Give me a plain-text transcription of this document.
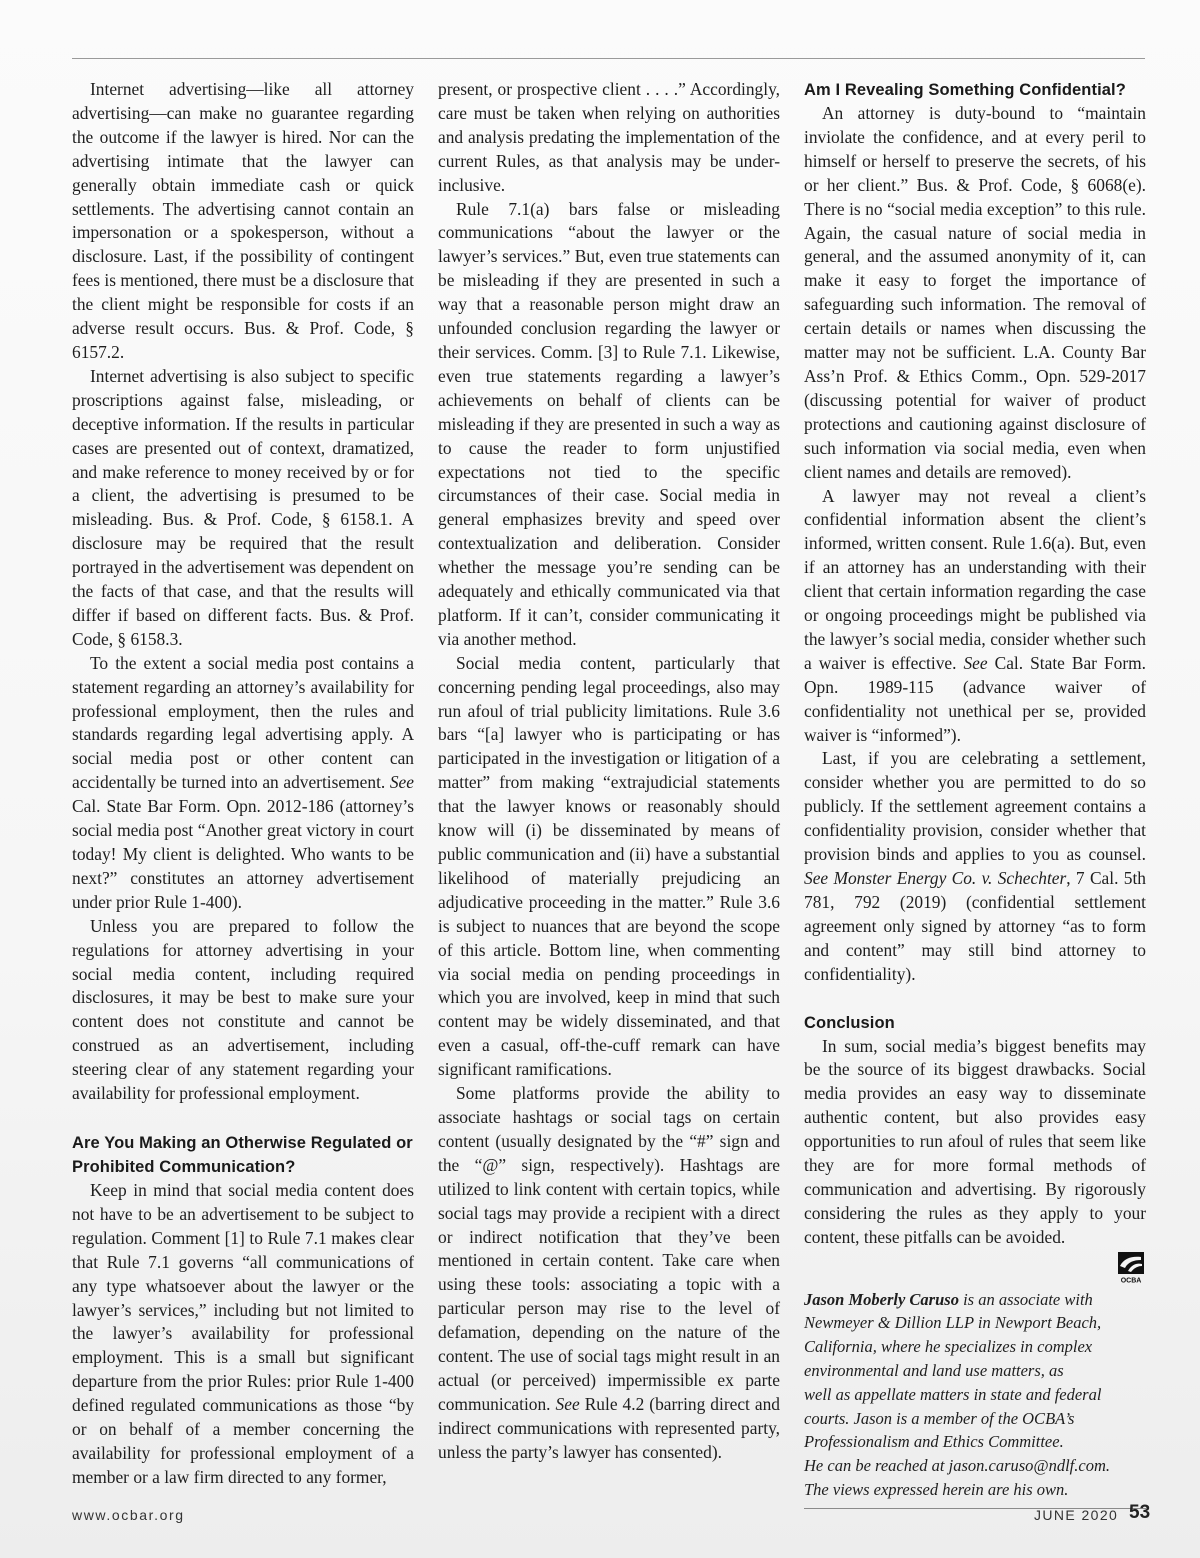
Internet advertising—like all attorney advertising—can make no guarantee regarding the outcome if the lawyer is hired. Nor can the advertising intimate that the lawyer can generally obtain immediate cash or quick settlements. The advertising cannot contain an impersonation or a spokesperson, without a disclosure. Last, if the possibility of contingent fees is mentioned, there must be a disclosure that the client might be responsible for costs if an adverse result occurs. Bus. & Prof. Code, § 6157.2.

Internet advertising is also subject to specific proscriptions against false, misleading, or deceptive information. If the results in particular cases are presented out of context, dramatized, and make reference to money received by or for a client, the advertising is presumed to be misleading. Bus. & Prof. Code, § 6158.1. A disclosure may be required that the result portrayed in the advertisement was dependent on the facts of that case, and that the results will differ if based on different facts. Bus. & Prof. Code, § 6158.3.

To the extent a social media post contains a statement regarding an attorney’s availability for professional employment, then the rules and standards regarding legal advertising apply. A social media post or other content can accidentally be turned into an advertisement. See Cal. State Bar Form. Opn. 2012-186 (attorney’s social media post “Another great victory in court today! My client is delighted. Who wants to be next?” constitutes an attorney advertisement under prior Rule 1-400).

Unless you are prepared to follow the regulations for attorney advertising in your social media content, including required disclosures, it may be best to make sure your content does not constitute and cannot be construed as an advertisement, including steering clear of any statement regarding your availability for professional employment.

Are You Making an Otherwise Regulated or Prohibited Communication?

Keep in mind that social media content does not have to be an advertisement to be subject to regulation. Comment [1] to Rule 7.1 makes clear that Rule 7.1 governs “all communications of any type whatsoever about the lawyer or the lawyer’s services,” including but not limited to the lawyer’s availability for professional employment. This is a small but significant departure from the prior Rules: prior Rule 1-400 defined regulated communications as those “by or on behalf of a member concerning the availability for professional employment of a member or a law firm directed to any former,

present, or prospective client . . . .” Accordingly, care must be taken when relying on authorities and analysis predating the implementation of the current Rules, as that analysis may be under-inclusive.

Rule 7.1(a) bars false or misleading communications “about the lawyer or the lawyer’s services.” But, even true statements can be misleading if they are presented in such a way that a reasonable person might draw an unfounded conclusion regarding the lawyer or their services. Comm. [3] to Rule 7.1. Likewise, even true statements regarding a lawyer’s achievements on behalf of clients can be misleading if they are presented in such a way as to cause the reader to form unjustified expectations not tied to the specific circumstances of their case. Social media in general emphasizes brevity and speed over contextualization and deliberation. Consider whether the message you’re sending can be adequately and ethically communicated via that platform. If it can’t, consider communicating it via another method.

Social media content, particularly that concerning pending legal proceedings, also may run afoul of trial publicity limitations. Rule 3.6 bars “[a] lawyer who is participating or has participated in the investigation or litigation of a matter” from making “extrajudicial statements that the lawyer knows or reasonably should know will (i) be disseminated by means of public communication and (ii) have a substantial likelihood of materially prejudicing an adjudicative proceeding in the matter.” Rule 3.6 is subject to nuances that are beyond the scope of this article. Bottom line, when commenting via social media on pending proceedings in which you are involved, keep in mind that such content may be widely disseminated, and that even a casual, off-the-cuff remark can have significant ramifications.

Some platforms provide the ability to associate hashtags or social tags on certain content (usually designated by the “#” sign and the “@” sign, respectively). Hashtags are utilized to link content with certain topics, while social tags may provide a recipient with a direct or indirect notification that they’ve been mentioned in certain content. Take care when using these tools: associating a topic with a particular person may rise to the level of defamation, depending on the nature of the content. The use of social tags might result in an actual (or perceived) impermissible ex parte communication. See Rule 4.2 (barring direct and indirect communications with represented party, unless the party’s lawyer has consented).

Am I Revealing Something Confidential?

An attorney is duty-bound to “maintain inviolate the confidence, and at every peril to himself or herself to preserve the secrets, of his or her client.” Bus. & Prof. Code, § 6068(e). There is no “social media exception” to this rule. Again, the casual nature of social media in general, and the assumed anonymity of it, can make it easy to forget the importance of safeguarding such information. The removal of certain details or names when discussing the matter may not be sufficient. L.A. County Bar Ass’n Prof. & Ethics Comm., Opn. 529-2017 (discussing potential for waiver of product protections and cautioning against disclosure of such information via social media, even when client names and details are removed).

A lawyer may not reveal a client’s confidential information absent the client’s informed, written consent. Rule 1.6(a). But, even if an attorney has an understanding with their client that certain information regarding the case or ongoing proceedings might be published via the lawyer’s social media, consider whether such a waiver is effective. See Cal. State Bar Form. Opn. 1989-115 (advance waiver of confidentiality not unethical per se, provided waiver is “informed”).

Last, if you are celebrating a settlement, consider whether you are permitted to do so publicly. If the settlement agreement contains a confidentiality provision, consider whether that provision binds and applies to you as counsel. See Monster Energy Co. v. Schechter, 7 Cal. 5th 781, 792 (2019) (confidential settlement agreement only signed by attorney “as to form and content” may still bind attorney to confidentiality).

Conclusion

In sum, social media’s biggest benefits may be the source of its biggest drawbacks. Social media provides an easy way to disseminate authentic content, but also provides easy opportunities to run afoul of rules that seem like they are for more formal methods of communication and advertising. By rigorously considering the rules as they apply to your content, these pitfalls can be avoided.

OCBA
Jason Moberly Caruso is an associate with
Newmeyer & Dillion LLP in Newport Beach,
California, where he specializes in complex
environmental and land use matters, as
well as appellate matters in state and federal
courts. Jason is a member of the OCBA’s
Professionalism and Ethics Committee.
He can be reached at jason.caruso@ndlf.com.
The views expressed herein are his own.
www.ocbar.org	JUNE 2020 53
